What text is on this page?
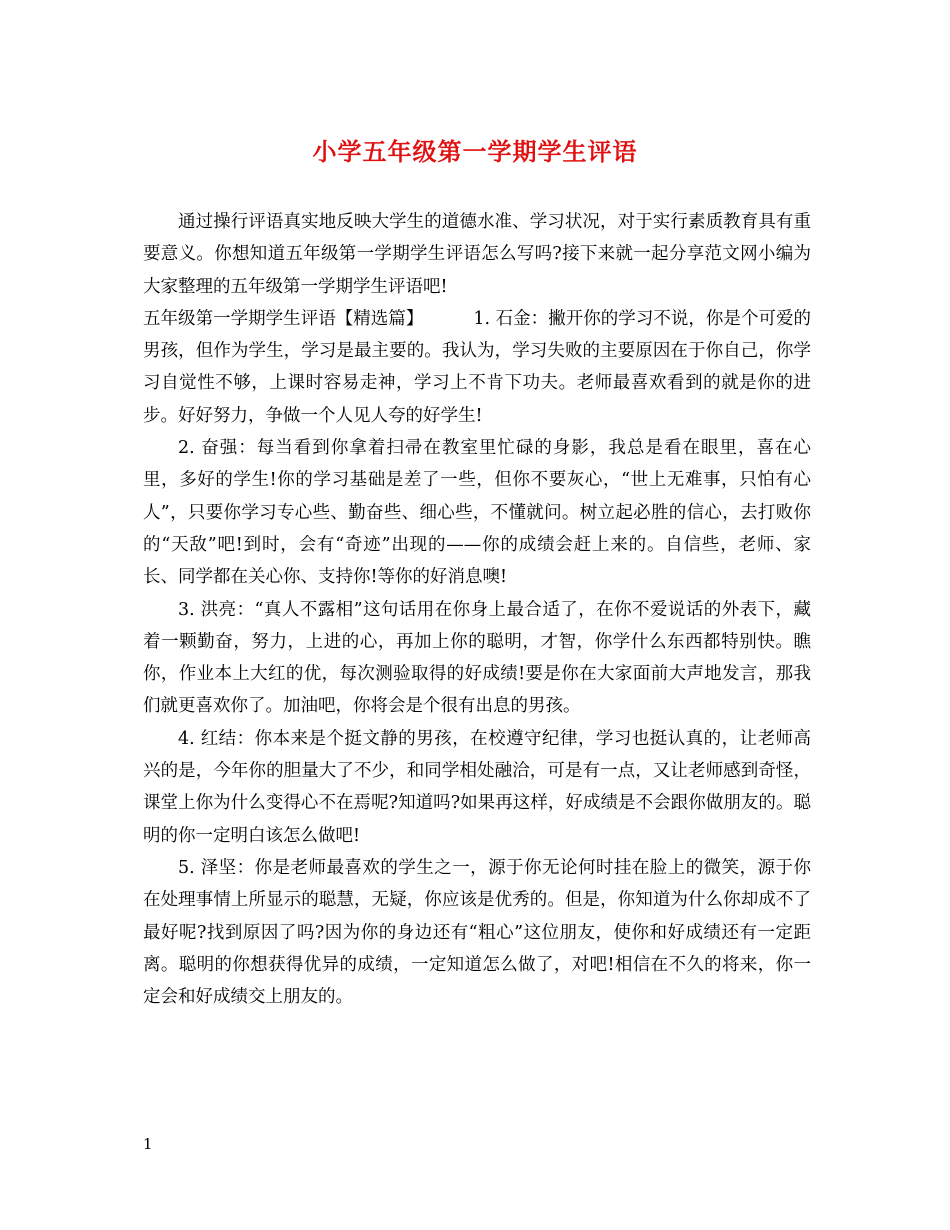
小学五年级第一学期学生评语

通过操行评语真实地反映大学生的道德水准、学习状况，对于实行素质教育具有重要意义。你想知道五年级第一学期学生评语怎么写吗?接下来就一起分享范文网小编为大家整理的五年级第一学期学生评语吧!

五年级第一学期学生评语【精选篇】	1. 石金：撇开你的学习不说，你是个可爱的男孩，但作为学生，学习是最主要的。我认为，学习失败的主要原因在于你自己，你学习自觉性不够，上课时容易走神，学习上不肯下功夫。老师最喜欢看到的就是你的进步。好好努力，争做一个人见人夸的好学生!

2. 奋强：每当看到你拿着扫帚在教室里忙碌的身影，我总是看在眼里，喜在心里，多好的学生!你的学习基础是差了一些，但你不要灰心，“世上无难事，只怕有心人”，只要你学习专心些、勤奋些、细心些，不懂就问。树立起必胜的信心，去打败你的“天敌”吧!到时，会有“奇迹”出现的——你的成绩会赶上来的。自信些，老师、家长、同学都在关心你、支持你!等你的好消息噢!

3. 洪亮：“真人不露相”这句话用在你身上最合适了，在你不爱说话的外表下，藏着一颗勤奋，努力，上进的心，再加上你的聪明，才智，你学什么东西都特别快。瞧你，作业本上大红的优，每次测验取得的好成绩!要是你在大家面前大声地发言，那我们就更喜欢你了。加油吧，你将会是个很有出息的男孩。

4. 红结：你本来是个挺文静的男孩，在校遵守纪律，学习也挺认真的，让老师高兴的是，今年你的胆量大了不少，和同学相处融洽，可是有一点，又让老师感到奇怪，课堂上你为什么变得心不在焉呢?知道吗?如果再这样，好成绩是不会跟你做朋友的。聪明的你一定明白该怎么做吧!

5. 泽坚：你是老师最喜欢的学生之一，源于你无论何时挂在脸上的微笑，源于你在处理事情上所显示的聪慧，无疑，你应该是优秀的。但是，你知道为什么你却成不了最好呢?找到原因了吗?因为你的身边还有“粗心”这位朋友，使你和好成绩还有一定距离。聪明的你想获得优异的成绩，一定知道怎么做了，对吧!相信在不久的将来，你一定会和好成绩交上朋友的。

1
